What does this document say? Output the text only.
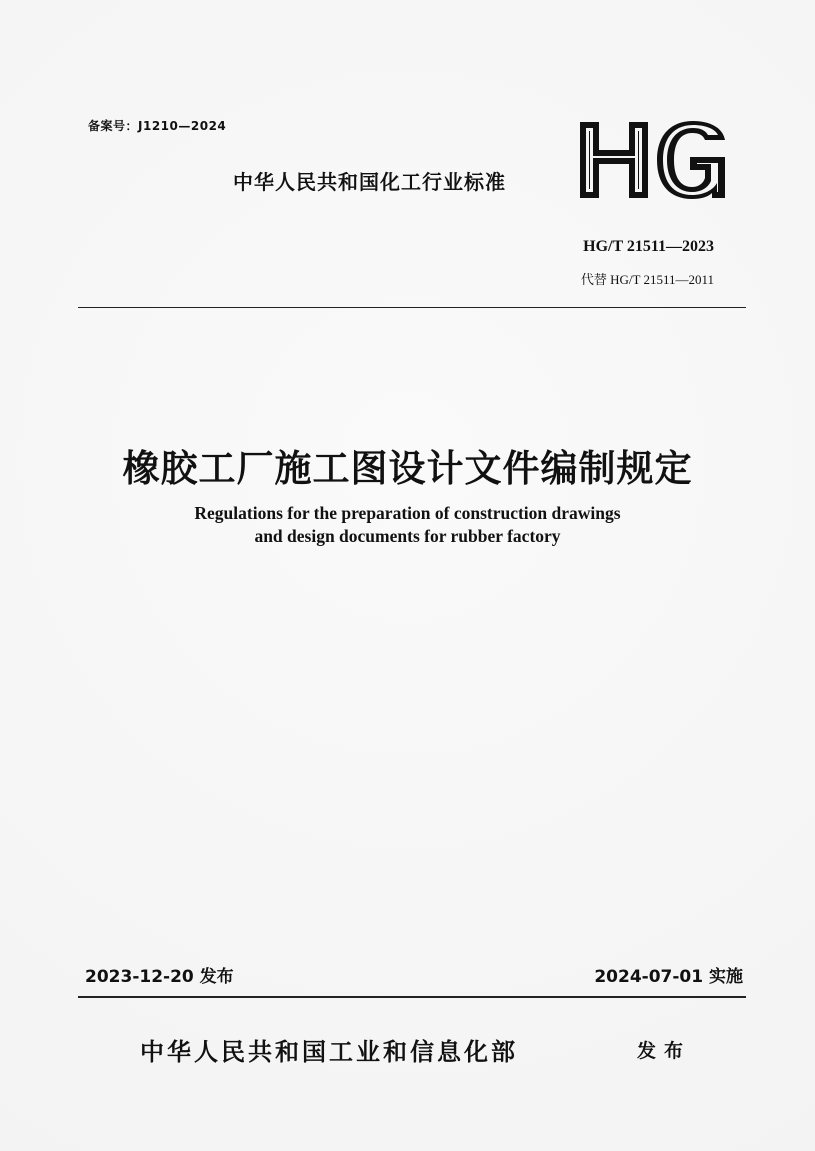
备案号：J1210—2024
中华人民共和国化工行业标准
HG/T 21511—2023
代替 HG/T 21511—2011
橡胶工厂施工图设计文件编制规定
Regulations for the preparation of construction drawings
and design documents for rubber factory
2023-12-20 发布	2024-07-01 实施
中华人民共和国工业和信息化部	发布
